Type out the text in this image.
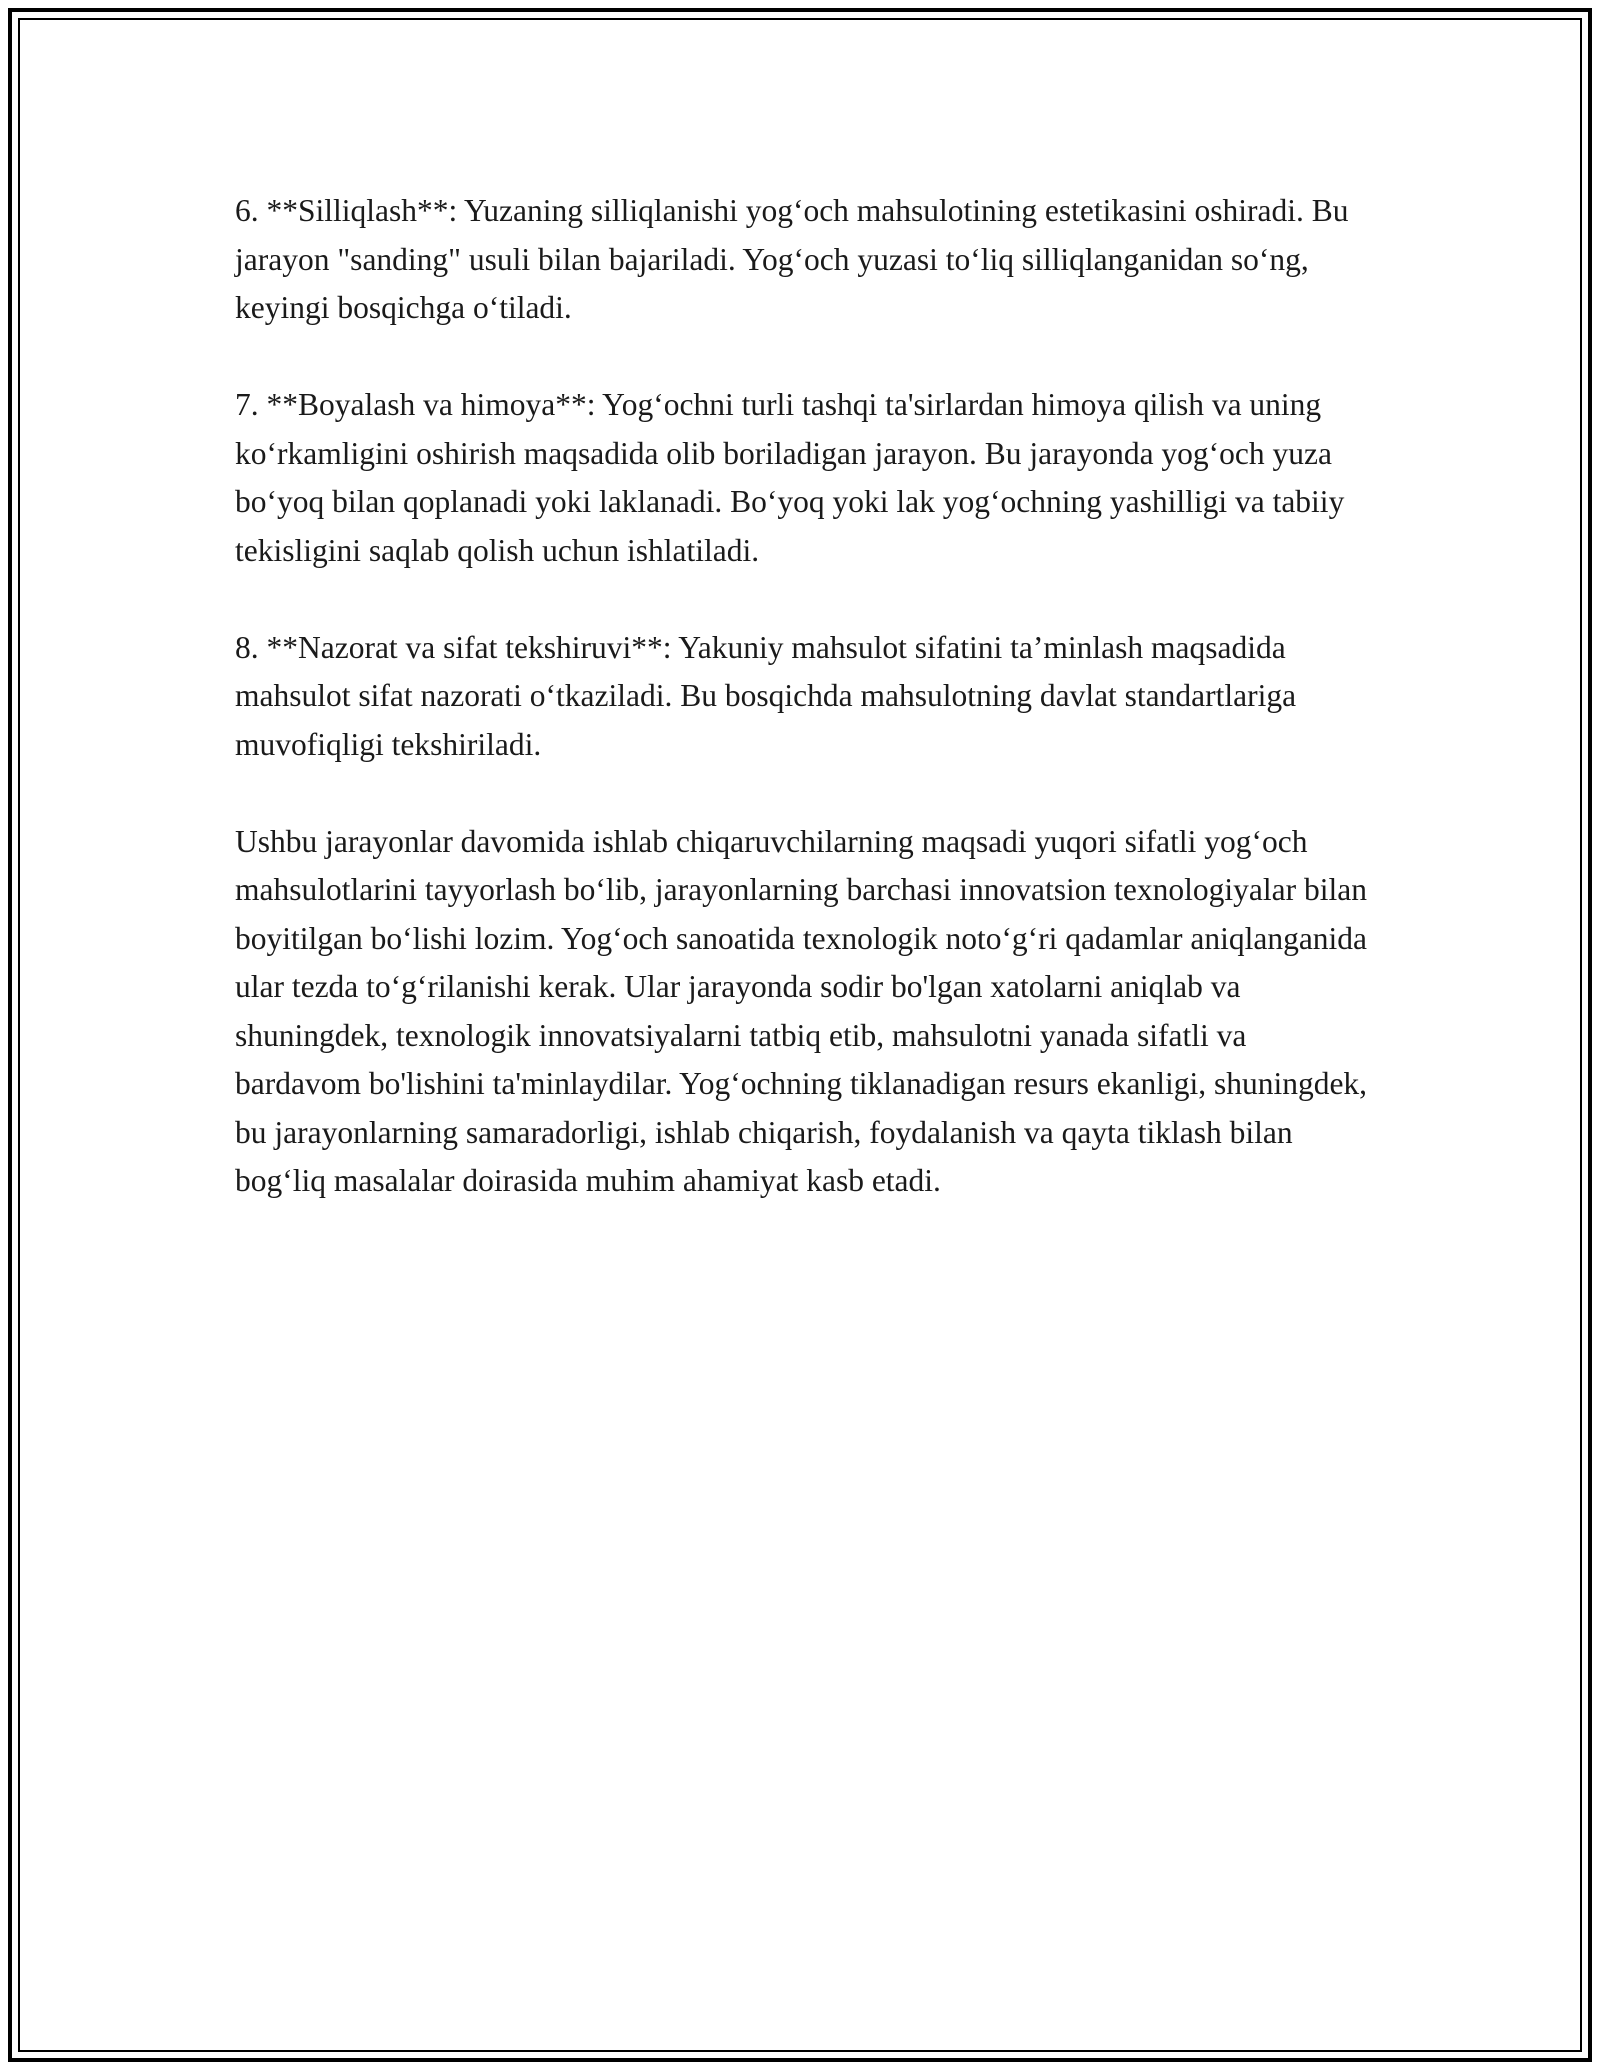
6. **Silliqlash**: Yuzaning silliqlanishi yog‘och mahsulotining estetikasini oshiradi. Bu jarayon "sanding" usuli bilan bajariladi. Yog‘och yuzasi to‘liq silliqlanganidan so‘ng, keyingi bosqichga o‘tiladi.

7. **Boyalash va himoya**: Yog‘ochni turli tashqi ta'sirlardan himoya qilish va uning ko‘rkamligini oshirish maqsadida olib boriladigan jarayon. Bu jarayonda yog‘och yuza bo‘yoq bilan qoplanadi yoki laklanadi. Bo‘yoq yoki lak yog‘ochning yashilligi va tabiiy tekisligini saqlab qolish uchun ishlatiladi.

8. **Nazorat va sifat tekshiruvi**: Yakuniy mahsulot sifatini ta’minlash maqsadida mahsulot sifat nazorati o‘tkaziladi. Bu bosqichda mahsulotning davlat standartlariga muvofiqligi tekshiriladi.

Ushbu jarayonlar davomida ishlab chiqaruvchilarning maqsadi yuqori sifatli yog‘och mahsulotlarini tayyorlash bo‘lib, jarayonlarning barchasi innovatsion texnologiyalar bilan boyitilgan bo‘lishi lozim. Yog‘och sanoatida texnologik noto‘g‘ri qadamlar aniqlanganida ular tezda to‘g‘rilanishi kerak. Ular jarayonda sodir bo'lgan xatolarni aniqlab va shuningdek, texnologik innovatsiyalarni tatbiq etib, mahsulotni yanada sifatli va bardavom bo'lishini ta'minlaydilar. Yog‘ochning tiklanadigan resurs ekanligi, shuningdek, bu jarayonlarning samaradorligi, ishlab chiqarish, foydalanish va qayta tiklash bilan bog‘liq masalalar doirasida muhim ahamiyat kasb etadi.
